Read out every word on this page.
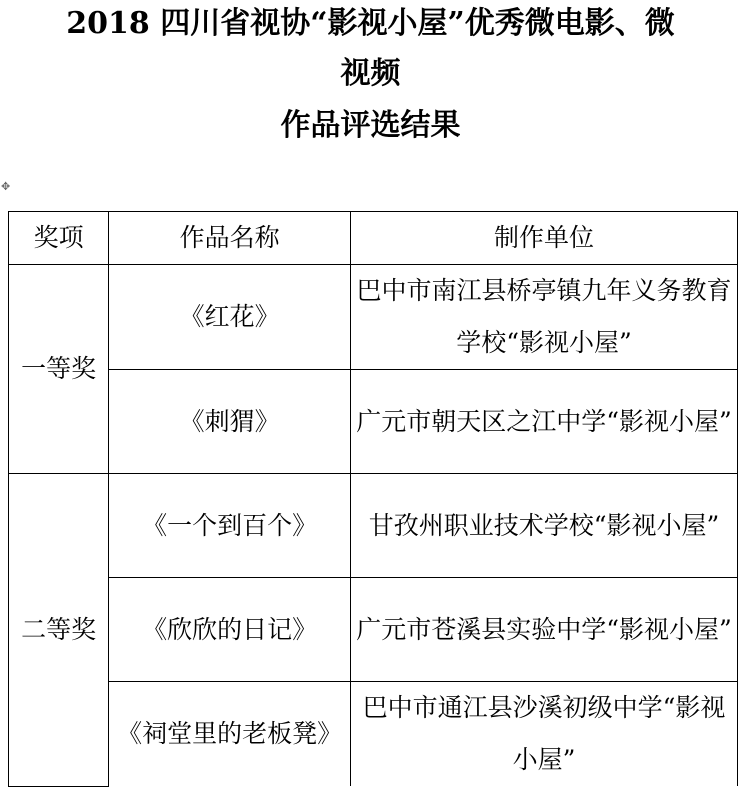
2018 四川省视协“影视小屋”优秀微电影、微
视频
作品评选结果
✥
奖项	作品名称	制作单位
一等奖	《红花》	巴中市南江县桥亭镇九年义务教育学校“影视小屋”
	《刺猬》	广元市朝天区之江中学“影视小屋”
二等奖	《一个到百个》	甘孜州职业技术学校“影视小屋”
	《欣欣的日记》	广元市苍溪县实验中学“影视小屋”
	《祠堂里的老板凳》	巴中市通江县沙溪初级中学“影视小屋”
